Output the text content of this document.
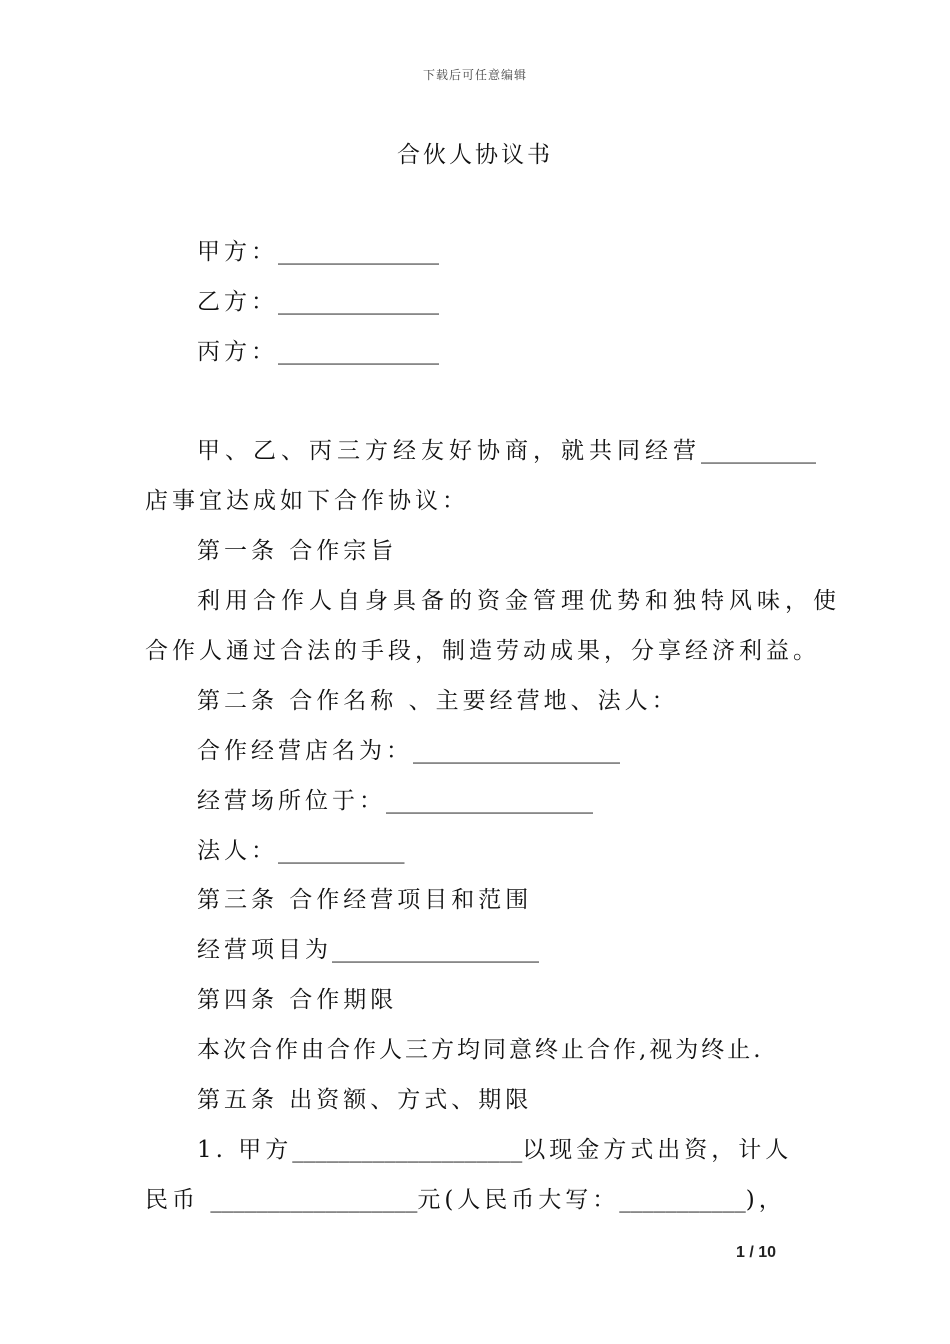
下载后可任意编辑
合伙人协议书
甲方：______________
乙方：______________
丙方：______________
甲、乙、丙三方经友好协商，就共同经营__________
店事宜达成如下合作协议：
第一条 合作宗旨
利用合作人自身具备的资金管理优势和独特风味，使
合作人通过合法的手段，制造劳动成果，分享经济利益。
第二条 合作名称 、主要经营地、法人：
合作经营店名为：__________________
经营场所位于：__________________
法人：___________
第三条 合作经营项目和范围
经营项目为__________________
第四条 合作期限
本次合作由合作人三方均同意终止合作,视为终止.
第五条 出资额、方式、期限
1. 甲方____________________以现金方式出资，计人
民币 __________________元(人民币大写：___________)，
1 / 10
